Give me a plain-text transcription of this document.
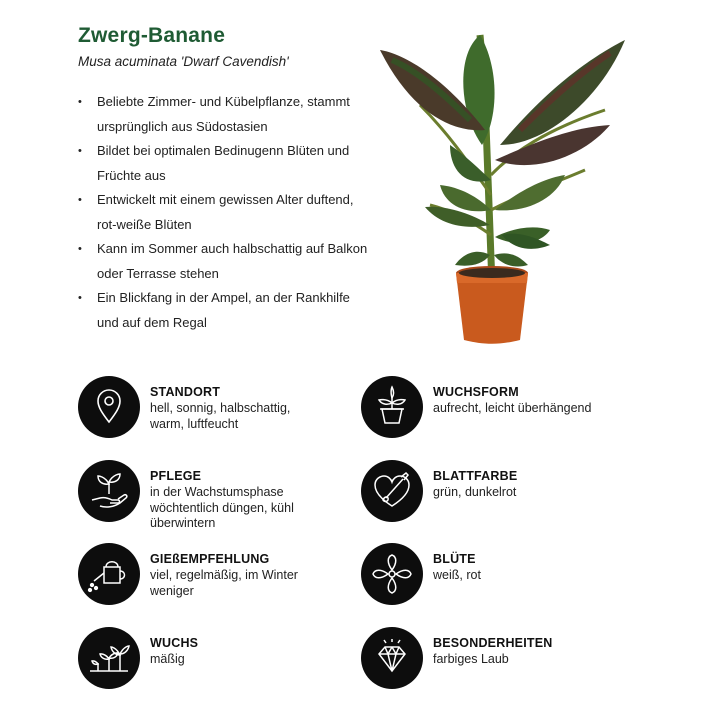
Zwerg-Banane
Musa acuminata 'Dwarf Cavendish'
• Beliebte Zimmer- und Kübelpflanze, stammt ursprünglich aus Südostasien
• Bildet bei optimalen Bedinugenn Blüten und Früchte aus
• Entwickelt mit einem gewissen Alter duftend, rot-weiße Blüten
• Kann im Sommer auch halbschattig auf Balkon oder Terrasse stehen
• Ein Blickfang in der Ampel, an der Rankhilfe und auf dem Regal
STANDORT
hell, sonnig, halbschattig,
warm, luftfeucht
PFLEGE
in der Wachstumsphase
wöchtentlich düngen, kühl
überwintern
GIEßEMPFEHLUNG
viel, regelmäßig, im Winter
weniger
WUCHS
mäßig
WUCHSFORM
aufrecht, leicht überhängend
BLATTFARBE
grün, dunkelrot
BLÜTE
weiß, rot
BESONDERHEITEN
farbiges Laub
